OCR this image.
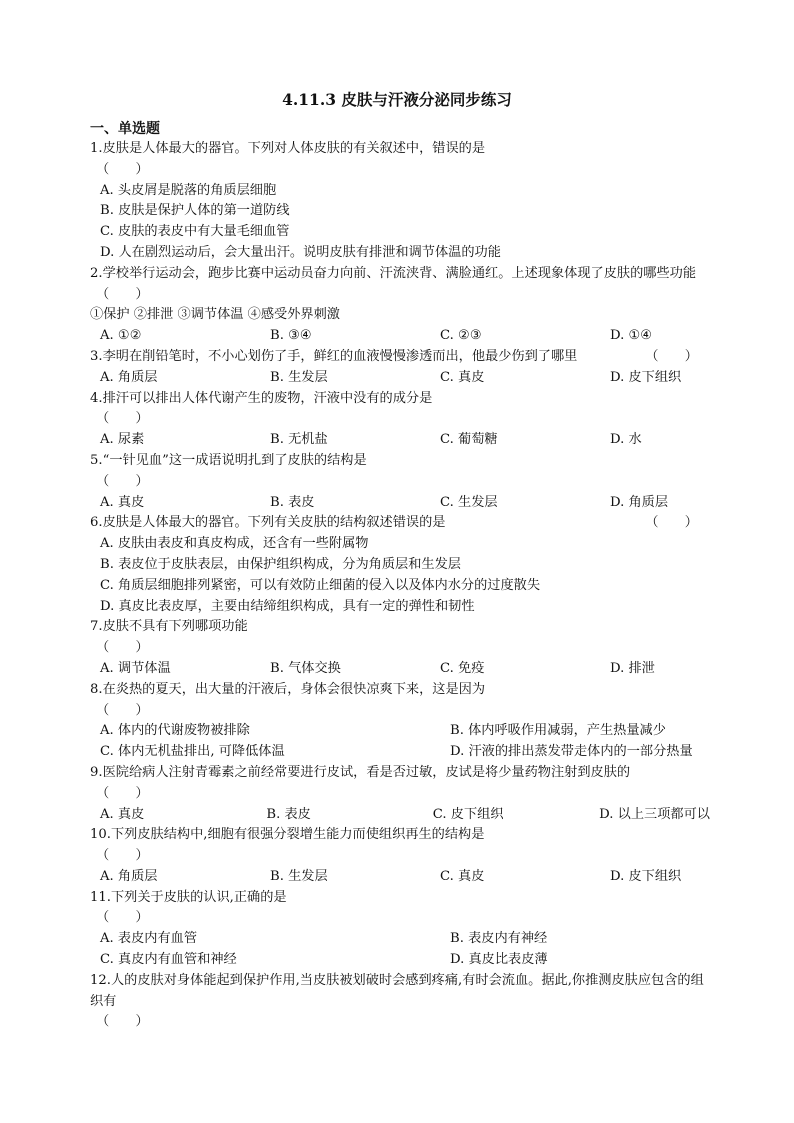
4.11.3 皮肤与汗液分泌同步练习
一、单选题
1.皮肤是人体最大的器官。下列对人体皮肤的有关叙述中，错误的是
（　　）
A. 头皮屑是脱落的角质层细胞
B. 皮肤是保护人体的第一道防线
C. 皮肤的表皮中有大量毛细血管
D. 人在剧烈运动后，会大量出汗。说明皮肤有排泄和调节体温的功能
2.学校举行运动会，跑步比赛中运动员奋力向前、汗流浃背、满脸通红。上述现象体现了皮肤的哪些功能
（　　）
①保护 ②排泄 ③调节体温 ④感受外界刺激
A. ①②	B. ③④	C. ②③	D. ①④
3.李明在削铅笔时，不小心划伤了手，鲜红的血液慢慢渗透而出，他最少伤到了哪里	（　　）
A. 角质层	B. 生发层	C. 真皮	D. 皮下组织
4.排汗可以排出人体代谢产生的废物，汗液中没有的成分是
（　　）
A. 尿素	B. 无机盐	C. 葡萄糖	D. 水
5.“一针见血”这一成语说明扎到了皮肤的结构是
（　　）
A. 真皮	B. 表皮	C. 生发层	D. 角质层
6.皮肤是人体最大的器官。下列有关皮肤的结构叙述错误的是	（　　）
A. 皮肤由表皮和真皮构成，还含有一些附属物
B. 表皮位于皮肤表层，由保护组织构成，分为角质层和生发层
C. 角质层细胞排列紧密，可以有效防止细菌的侵入以及体内水分的过度散失
D. 真皮比表皮厚，主要由结缔组织构成，具有一定的弹性和韧性
7.皮肤不具有下列哪项功能
（　　）
A. 调节体温	B. 气体交换	C. 免疫	D. 排泄
8.在炎热的夏天，出大量的汗液后，身体会很快凉爽下来，这是因为
（　　）
A. 体内的代谢废物被排除	B. 体内呼吸作用减弱，产生热量减少
C. 体内无机盐排出, 可降低体温	D. 汗液的排出蒸发带走体内的一部分热量
9.医院给病人注射青霉素之前经常要进行皮试，看是否过敏，皮试是将少量药物注射到皮肤的
（　　）
A. 真皮	B. 表皮	C. 皮下组织	D. 以上三项都可以
10.下列皮肤结构中,细胞有很强分裂增生能力而使组织再生的结构是
（　　）
A. 角质层	B. 生发层	C. 真皮	D. 皮下组织
11.下列关于皮肤的认识,正确的是
（　　）
A. 表皮内有血管	B. 表皮内有神经
C. 真皮内有血管和神经	D. 真皮比表皮薄
12.人的皮肤对身体能起到保护作用,当皮肤被划破时会感到疼痛,有时会流血。据此,你推测皮肤应包含的组织有
（　　）
